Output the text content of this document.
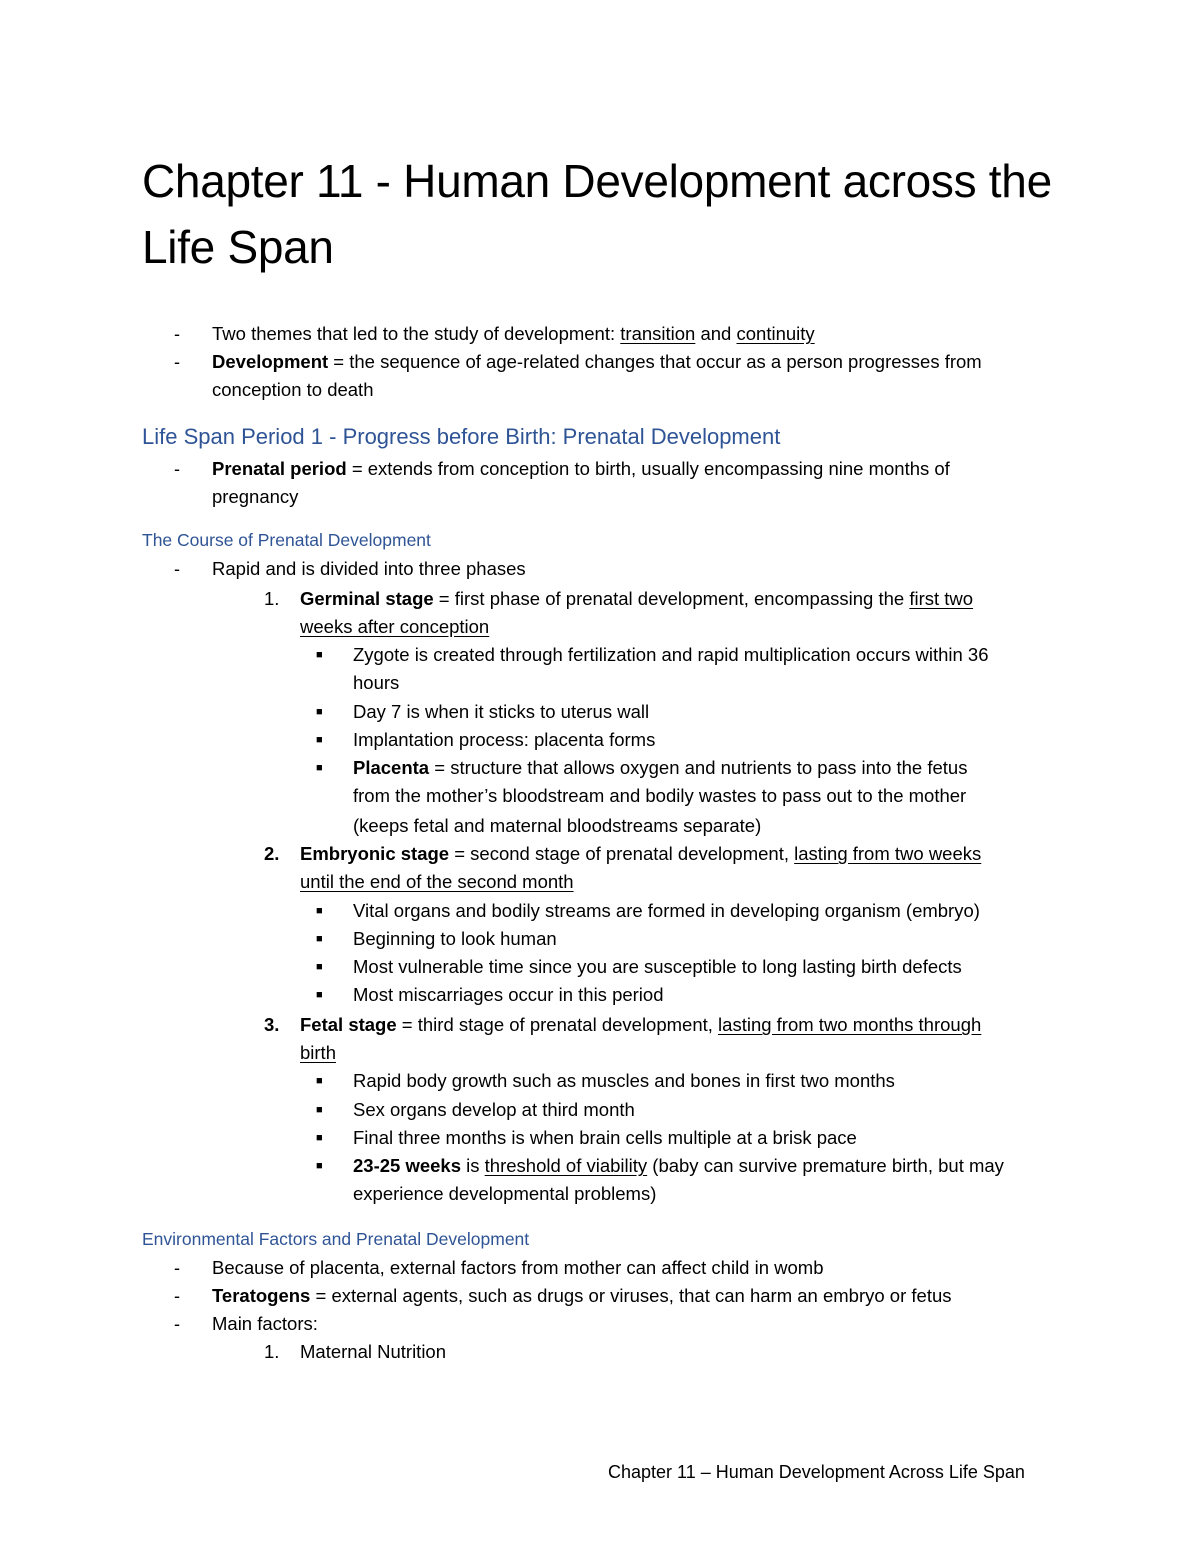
Chapter 11 - Human Development across the Life Span
- Two themes that led to the study of development: transition and continuity
- Development = the sequence of age-related changes that occur as a person progresses from
conception to death
Life Span Period 1 - Progress before Birth: Prenatal Development
- Prenatal period = extends from conception to birth, usually encompassing nine months of
pregnancy
The Course of Prenatal Development
- Rapid and is divided into three phases
1. Germinal stage = first phase of prenatal development, encompassing the first two
weeks after conception
■ Zygote is created through fertilization and rapid multiplication occurs within 36
hours
■ Day 7 is when it sticks to uterus wall
■ Implantation process: placenta forms
■ Placenta = structure that allows oxygen and nutrients to pass into the fetus
from the mother’s bloodstream and bodily wastes to pass out to the mother
(keeps fetal and maternal bloodstreams separate)
2. Embryonic stage = second stage of prenatal development, lasting from two weeks
until the end of the second month
■ Vital organs and bodily streams are formed in developing organism (embryo)
■ Beginning to look human
■ Most vulnerable time since you are susceptible to long lasting birth defects
■ Most miscarriages occur in this period
3. Fetal stage = third stage of prenatal development, lasting from two months through
birth
■ Rapid body growth such as muscles and bones in first two months
■ Sex organs develop at third month
■ Final three months is when brain cells multiple at a brisk pace
■ 23-25 weeks is threshold of viability (baby can survive premature birth, but may
experience developmental problems)
Environmental Factors and Prenatal Development
- Because of placenta, external factors from mother can affect child in womb
- Teratogens = external agents, such as drugs or viruses, that can harm an embryo or fetus
- Main factors:
1. Maternal Nutrition
Chapter 11 – Human Development Across Life Span
